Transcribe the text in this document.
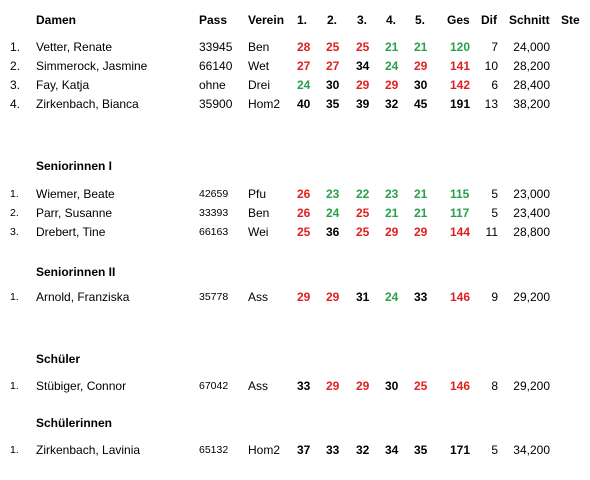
Damen	Pass Verein 1. 2. 3. 4. 5. Ges Dif Schnitt Ste
1. Vetter, Renate	33945 Ben 28 25 25 21 21 120	7	24,000
2. Simmerock, Jasmine	66140 Wet 27 27 34 24 29 141	10	28,200
3. Fay, Katja	ohne Drei 24 30 29 29 30 142	6	28,400
4. Zirkenbach, Bianca	35900 Hom2 40 35 39 32 45 191	13	38,200
Seniorinnen I
1. Wiemer, Beate	42659 Pfu	26 23 22 23 21 115	5	23,000
2. Parr, Susanne	33393 Ben 26 24 25 21 21 117	5	23,400
3. Drebert, Tine	66163 Wei 25 36 25 29 29 144	11	28,800
Seniorinnen II
1. Arnold, Franziska	35778 Ass 29 29 31 24 33 146	9	29,200
Schüler
1. Stübiger, Connor	67042 Ass 33 29 29 30 25 146	8	29,200
Schülerinnen
1. Zirkenbach, Lavinia	65132 Hom2 37 33 32 34 35 171	5	34,200
